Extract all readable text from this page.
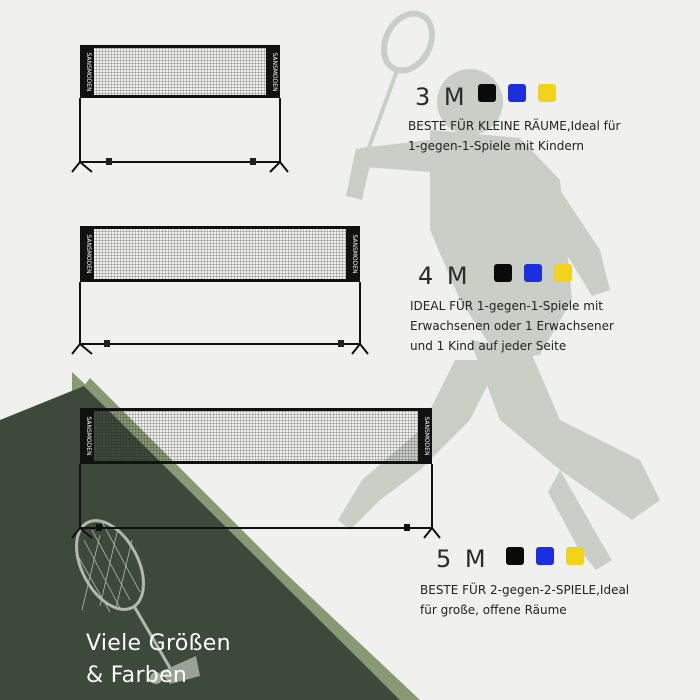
SANSMODEN	SANSMODEN
SANSMODEN	SANSMODEN
SANSMODEN	SANSMODEN
3 M
BESTE FÜR KLEINE RÄUME,Ideal für
1-gegen-1-Spiele mit Kindern
4 M
IDEAL FÜR 1-gegen-1-Spiele mit
Erwachsenen oder 1 Erwachsener
und 1 Kind auf jeder Seite
5 M
BESTE FÜR 2-gegen-2-SPIELE,Ideal
für große, offene Räume
Viele Größen
& Farben
